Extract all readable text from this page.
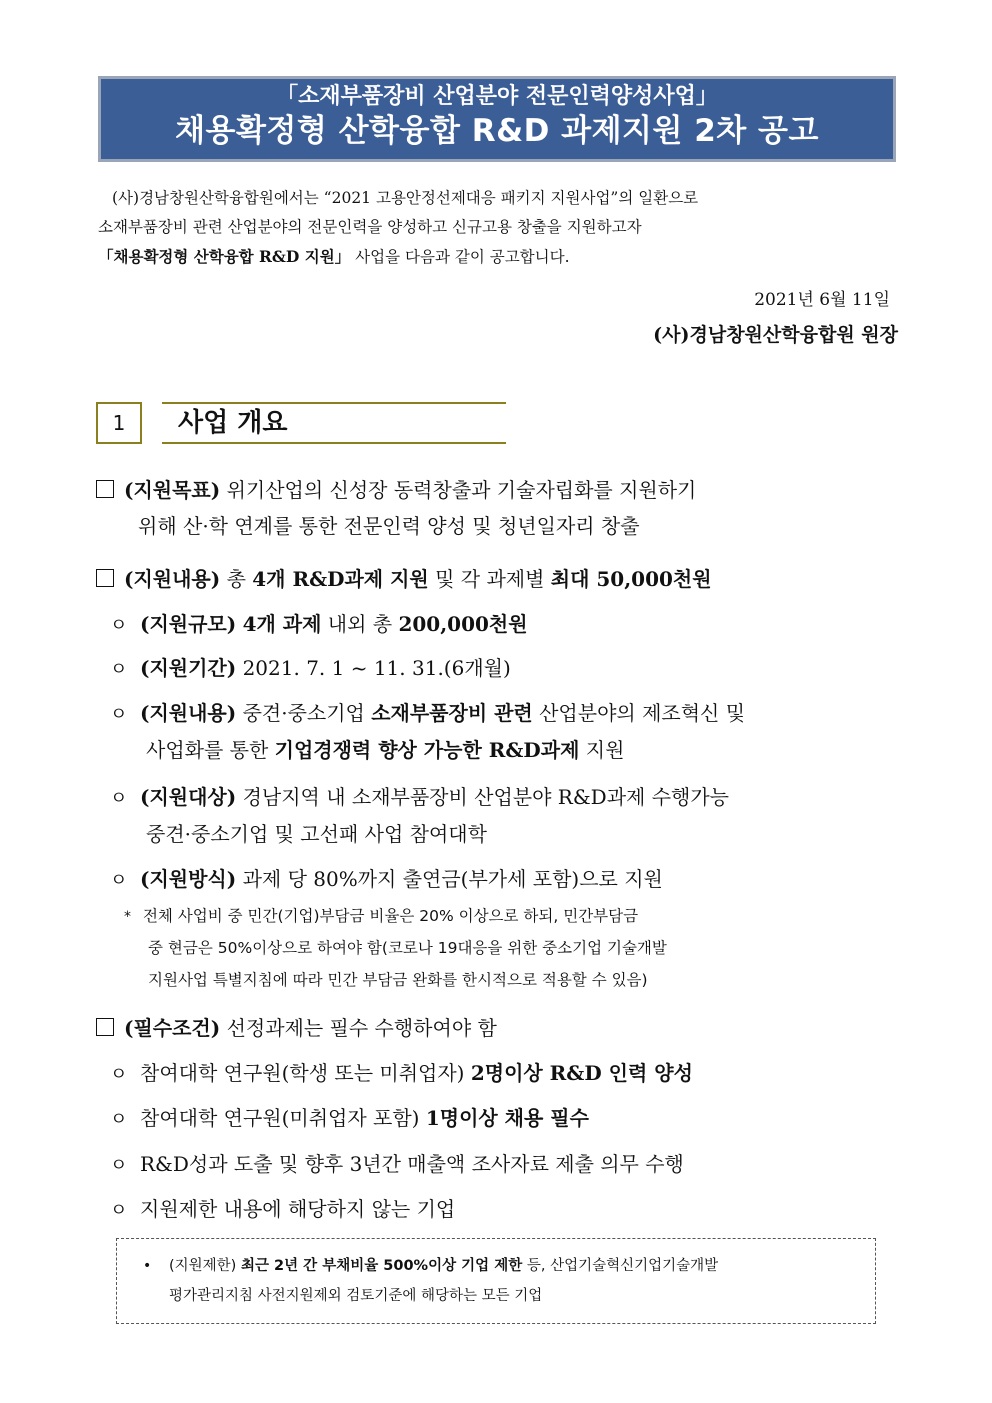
「소재부품장비 산업분야 전문인력양성사업」
채용확정형 산학융합 R&D 과제지원 2차 공고

(사)경남창원산학융합원에서는 “2021 고용안정선제대응 패키지 지원사업”의 일환으로

소재부품장비 관련 산업분야의 전문인력을 양성하고 신규고용 창출을 지원하고자

「채용확정형 산학융합 R&D 지원」 사업을 다음과 같이 공고합니다.

2021년 6월 11일
(사)경남창원산학융합원 원장
1	사업 개요
(지원목표) 위기산업의 신성장 동력창출과 기술자립화를 지원하기
위해 산·학 연계를 통한 전문인력 양성 및 청년일자리 창출
(지원내용) 총 4개 R&D과제 지원 및 각 과제별 최대 50,000천원
ㅇ (지원규모) 4개 과제 내외 총 200,000천원
ㅇ (지원기간) 2021. 7. 1 ~ 11. 31.(6개월)
ㅇ (지원내용) 중견·중소기업 소재부품장비 관련 산업분야의 제조혁신 및
사업화를 통한 기업경쟁력 향상 가능한 R&D과제 지원
ㅇ (지원대상) 경남지역 내 소재부품장비 산업분야 R&D과제 수행가능
중견·중소기업 및 고선패 사업 참여대학
ㅇ (지원방식) 과제 당 80%까지 출연금(부가세 포함)으로 지원
* 전체 사업비 중 민간(기업)부담금 비율은 20% 이상으로 하되, 민간부담금
중 현금은 50%이상으로 하여야 함(코로나 19대응을 위한 중소기업 기술개발
지원사업 특별지침에 따라 민간 부담금 완화를 한시적으로 적용할 수 있음)
(필수조건) 선정과제는 필수 수행하여야 함
ㅇ 참여대학 연구원(학생 또는 미취업자) 2명이상 R&D 인력 양성
ㅇ 참여대학 연구원(미취업자 포함) 1명이상 채용 필수
ㅇ R&D성과 도출 및 향후 3년간 매출액 조사자료 제출 의무 수행
ㅇ 지원제한 내용에 해당하지 않는 기업
• (지원제한) 최근 2년 간 부채비율 500%이상 기업 제한 등, 산업기술혁신기업기술개발
평가관리지침 사전지원제외 검토기준에 해당하는 모든 기업
